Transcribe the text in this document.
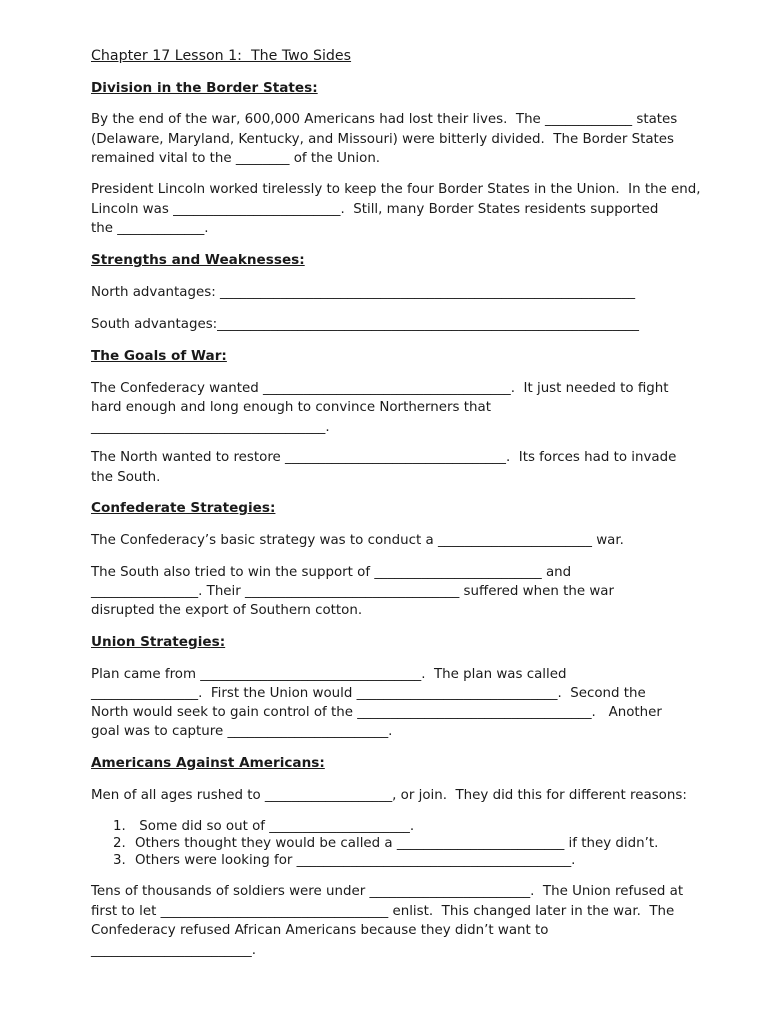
Chapter 17 Lesson 1:  The Two Sides

Division in the Border States:

By the end of the war, 600,000 Americans had lost their lives.  The _____________ states

(Delaware, Maryland, Kentucky, and Missouri) were bitterly divided.  The Border States

remained vital to the ________ of the Union.

President Lincoln worked tirelessly to keep the four Border States in the Union.  In the end,

Lincoln was _________________________.  Still, many Border States residents supported

the _____________.

Strengths and Weaknesses:

North advantages: ______________________________________________________________

South advantages:_______________________________________________________________

The Goals of War:

The Confederacy wanted _____________________________________.  It just needed to fight

hard enough and long enough to convince Northerners that

___________________________________.

The North wanted to restore _________________________________.  Its forces had to invade

the South.

Confederate Strategies:

The Confederacy’s basic strategy was to conduct a _______________________ war.

The South also tried to win the support of _________________________ and

________________. Their ________________________________ suffered when the war

disrupted the export of Southern cotton.

Union Strategies:

Plan came from _________________________________.  The plan was called

________________.  First the Union would ______________________________.  Second the

North would seek to gain control of the ___________________________________.   Another

goal was to capture ________________________.

Americans Against Americans:

Men of all ages rushed to ___________________, or join.  They did this for different reasons:

1. Some did so out of _____________________.

2. Others thought they would be called a _________________________ if they didn’t.

3. Others were looking for _________________________________________.

Tens of thousands of soldiers were under ________________________.  The Union refused at

first to let __________________________________ enlist.  This changed later in the war.  The

Confederacy refused African Americans because they didn’t want to

________________________.
